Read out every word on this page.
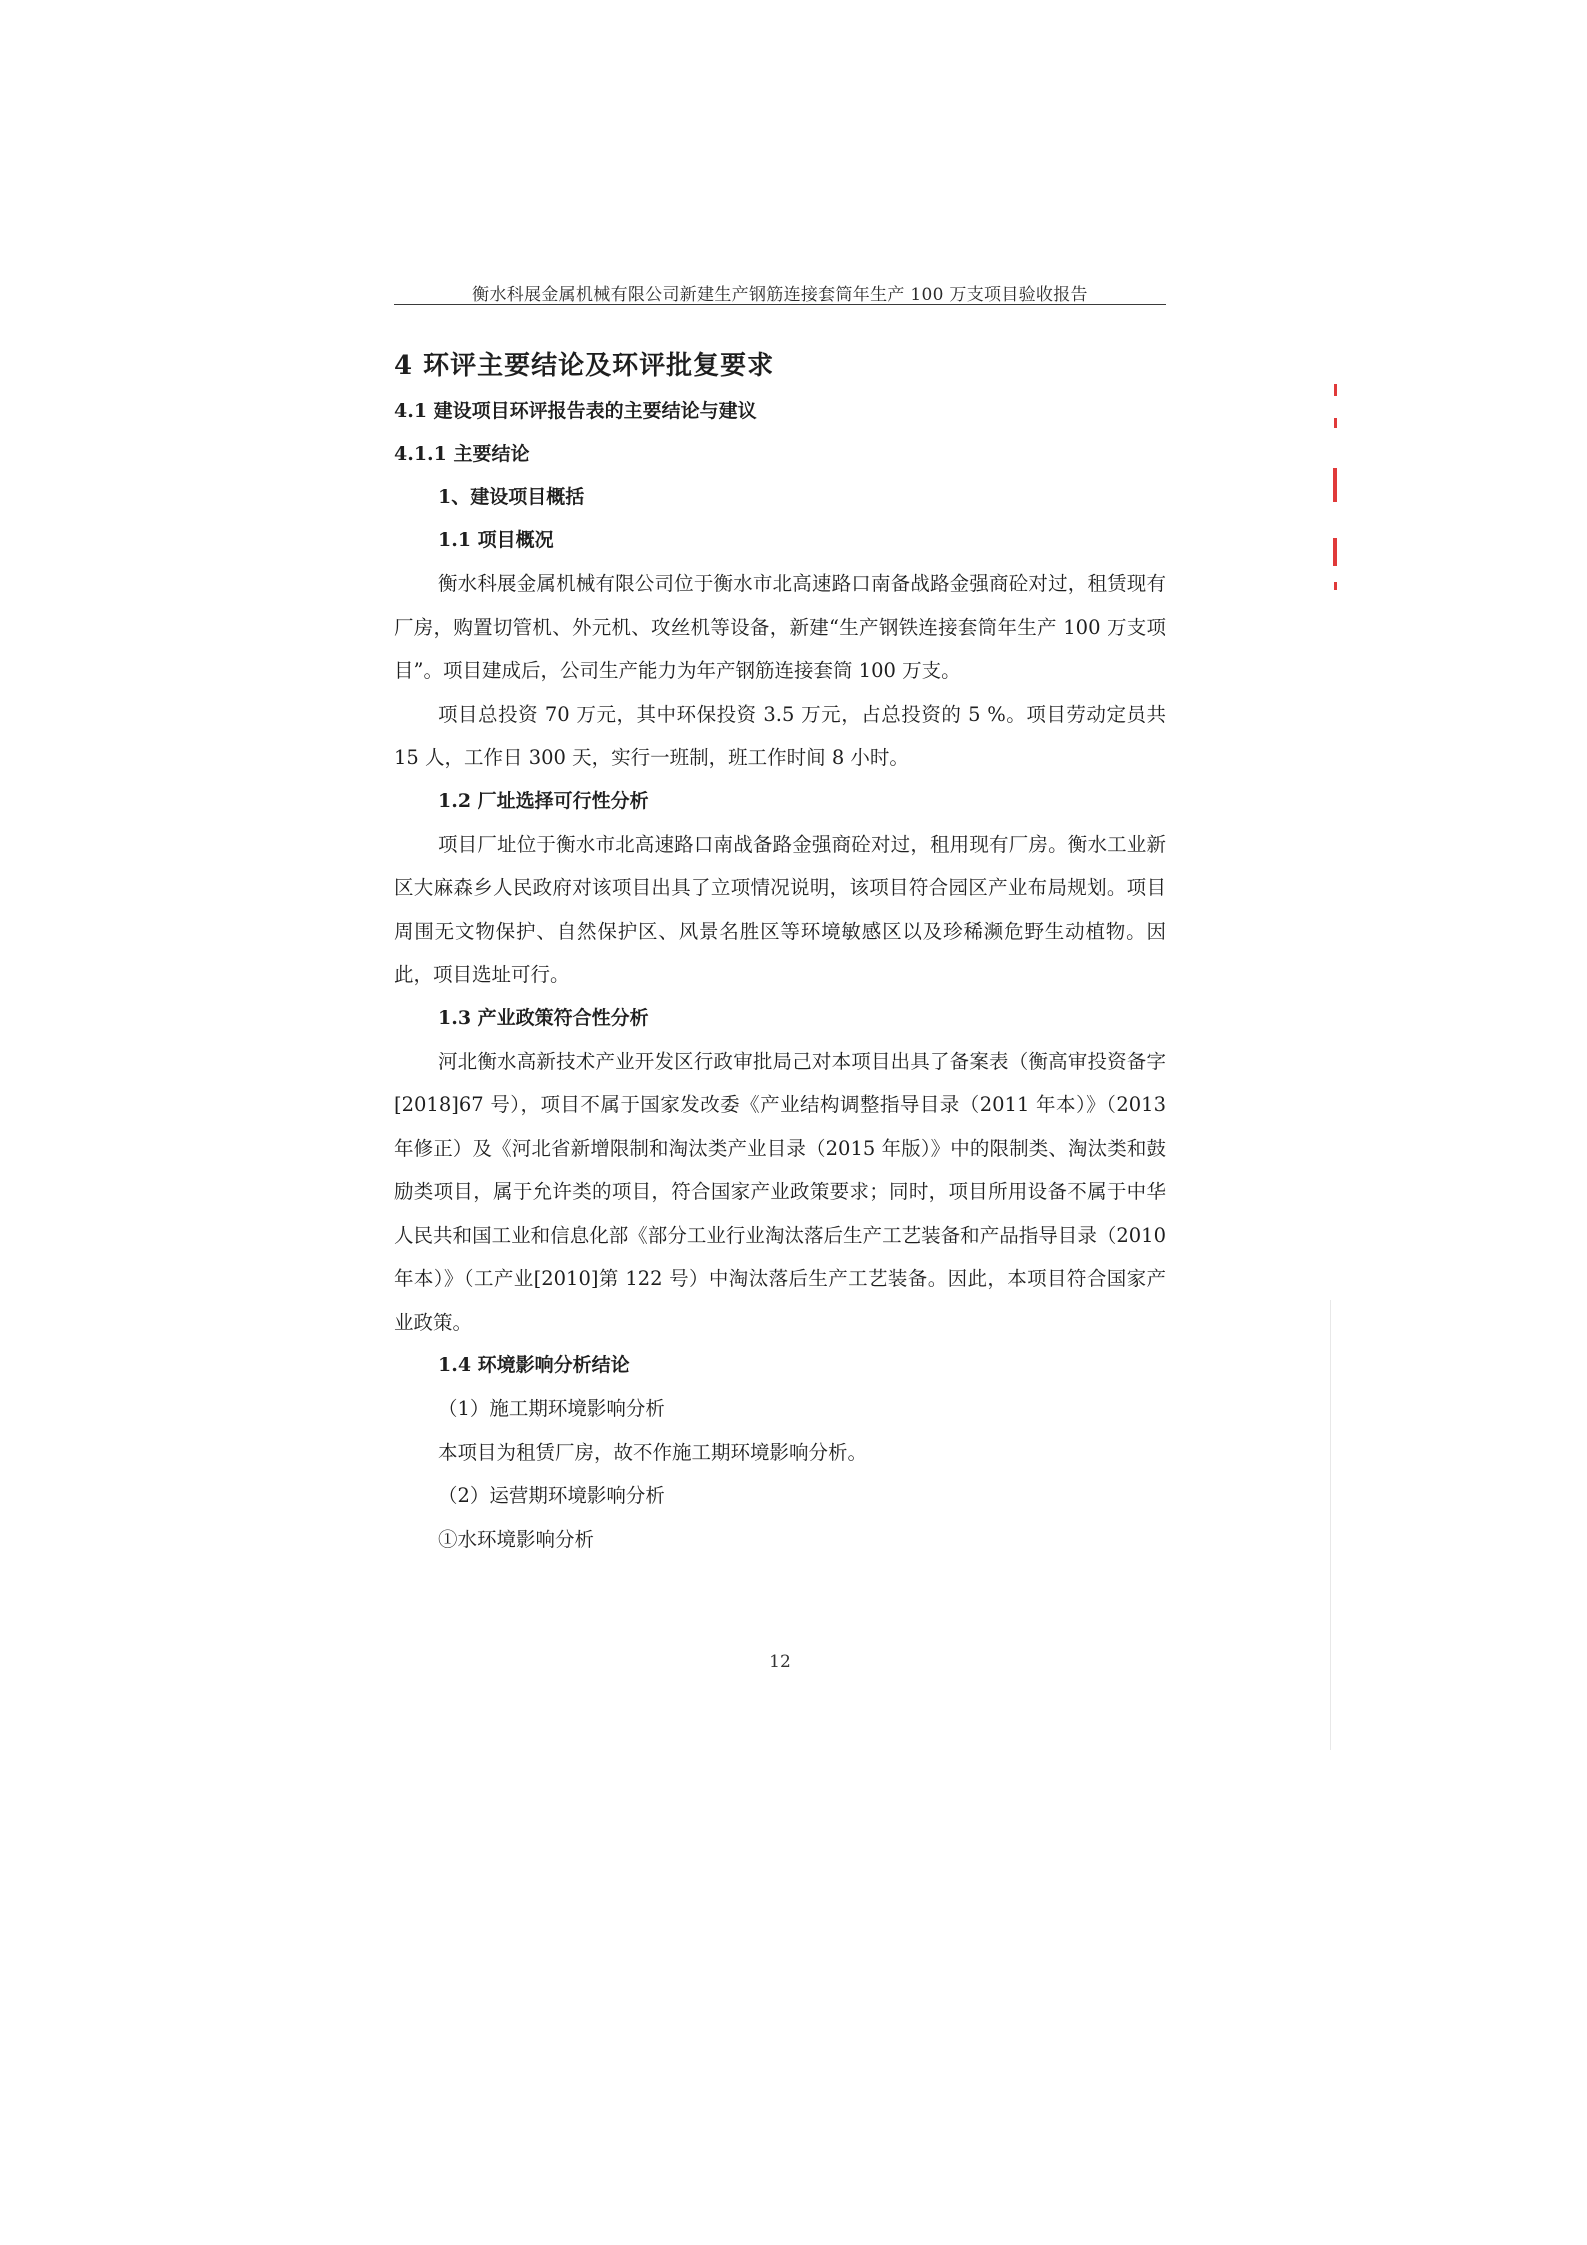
衡水科展金属机械有限公司新建生产钢筋连接套筒年生产 100 万支项目验收报告
4 环评主要结论及环评批复要求
4.1 建设项目环评报告表的主要结论与建议
4.1.1 主要结论
1、建设项目概括
1.1 项目概况

衡水科展金属机械有限公司位于衡水市北高速路口南备战路金强商砼对过，租赁现有厂房，购置切管机、外元机、攻丝机等设备，新建“生产钢铁连接套筒年生产 100 万支项目”。项目建成后，公司生产能力为年产钢筋连接套筒 100 万支。

项目总投资 70 万元，其中环保投资 3.5 万元，占总投资的 5 %。项目劳动定员共 15 人，工作日 300 天，实行一班制，班工作时间 8 小时。

1.2 厂址选择可行性分析

项目厂址位于衡水市北高速路口南战备路金强商砼对过，租用现有厂房。衡水工业新区大麻森乡人民政府对该项目出具了立项情况说明，该项目符合园区产业布局规划。项目周围无文物保护、自然保护区、风景名胜区等环境敏感区以及珍稀濒危野生动植物。因此，项目选址可行。

1.3 产业政策符合性分析

河北衡水高新技术产业开发区行政审批局己对本项目出具了备案表（衡高审投资备字[2018]67 号），项目不属于国家发改委《产业结构调整指导目录（2011 年本）》（2013 年修正）及《河北省新增限制和淘汰类产业目录（2015 年版）》中的限制类、淘汰类和鼓励类项目，属于允许类的项目，符合国家产业政策要求；同时，项目所用设备不属于中华人民共和国工业和信息化部《部分工业行业淘汰落后生产工艺装备和产品指导目录（2010 年本）》（工产业[2010]第 122 号）中淘汰落后生产工艺装备。因此，本项目符合国家产业政策。

1.4 环境影响分析结论

（1）施工期环境影响分析

本项目为租赁厂房，故不作施工期环境影响分析。

（2）运营期环境影响分析

①水环境影响分析

12
